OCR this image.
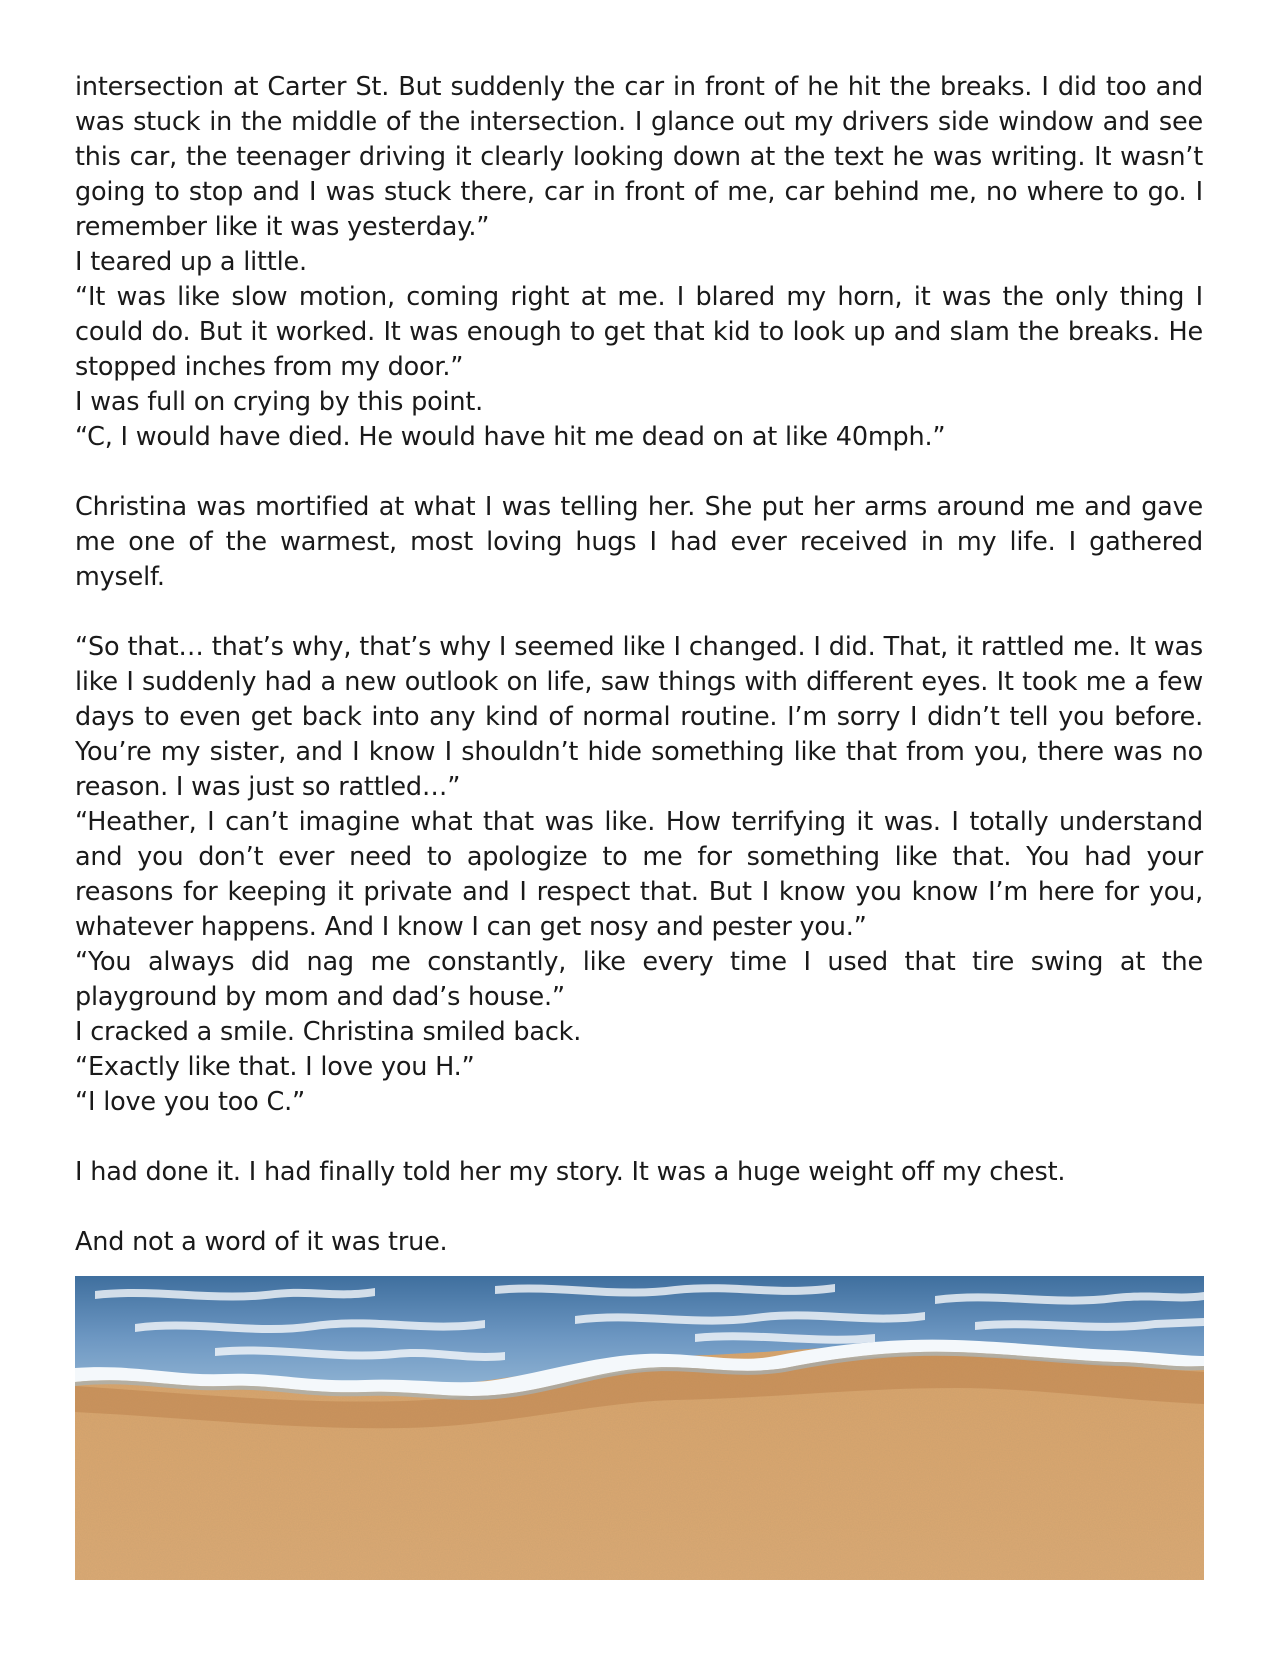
intersection at Carter St. But suddenly the car in front of he hit the breaks. I did too and was stuck in the middle of the intersection. I glance out my drivers side window and see this car, the teenager driving it clearly looking down at the text he was writing. It wasn’t going to stop and I was stuck there, car in front of me, car behind me, no where to go. I remember like it was yesterday.”

I teared up a little.

“It was like slow motion, coming right at me. I blared my horn, it was the only thing I could do. But it worked. It was enough to get that kid to look up and slam the breaks. He stopped inches from my door.”

I was full on crying by this point.

“C, I would have died. He would have hit me dead on at like 40mph.”

Christina was mortified at what I was telling her. She put her arms around me and gave me one of the warmest, most loving hugs I had ever received in my life. I gathered myself.

“So that… that’s why, that’s why I seemed like I changed. I did. That, it rattled me. It was like I suddenly had a new outlook on life, saw things with different eyes. It took me a few days to even get back into any kind of normal routine. I’m sorry I didn’t tell you before. You’re my sister, and I know I shouldn’t hide something like that from you, there was no reason. I was just so rattled…”

“Heather, I can’t imagine what that was like. How terrifying it was. I totally understand and you don’t ever need to apologize to me for something like that. You had your reasons for keeping it private and I respect that. But I know you know I’m here for you, whatever happens. And I know I can get nosy and pester you.”

“You always did nag me constantly, like every time I used that tire swing at the playground by mom and dad’s house.”

I cracked a smile. Christina smiled back.

“Exactly like that. I love you H.”

“I love you too C.”

I had done it. I had finally told her my story. It was a huge weight off my chest.

And not a word of it was true.
